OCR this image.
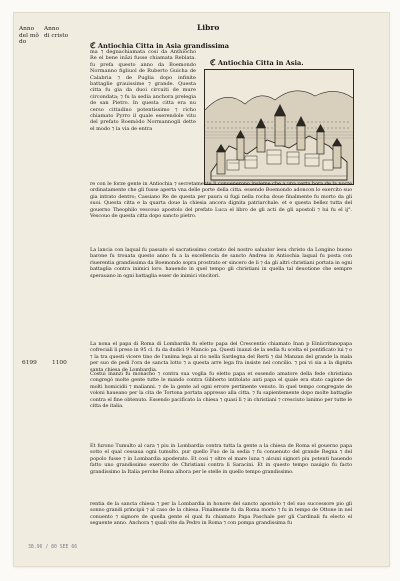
Anno
del mõ
do
Anno
di cristo
Libro
ℭ Antiochia Citta in Asia grandissima
ℭ Antiochia Citta in Asia.

ma ⁊ degnachiamata cosi da Anthiocho Re el bene inãzi fusse chiamata Reblata. fu prefa questo anno da Boemondo Normanno figliuol de Ruberto Guicha de Calabria ⁊ de Puglia dopo infinite battaglie grauissime ⁊ grande. Questa citta fu gia da duoi circuiti de mure circondata; ⁊ fu la sedia anchora prelegia de san Pietro. In questa citta era nu cerso cittadino potentissimo ⁊ richo chiamato Pyrro il quale eserendole vitu del prefato Boemòdo Normannogli dette el modo ⁊ la via de entra

re con le forze gente in Antiochia ⁊ secretamente li conuenerono insieme che a vna certa hora de la nocte ordinatamente che gli fusse aperta vna delle porte della citta. essendo Boemondo adoncon lo exercito suo gia intrato dentro; Cassiano Re de questa per paura si fugi nella rocha doue finalmente fu morto da gli suoi. Questa citta e la quarta doue la chiesia ancora dignita patriarchale. et e questa bellez tutta del gouerno Theophilo vescouo apostolo del prefato Luca el libro de gli acti de gli apostoli ⁊ lui fu el ij°. Vescouo de questa citta dopo sancto pietro.

La lancia con laqual fu passato el sacratissimo costato del nostro saluator iesu christo da Longino buono barone fu trouata questo anno fu a la excellencia de sancto Andrea in Antiochia laqual fu posta con riuerentia grandissima da Boemondo sopra prostrato er sincero de li ⁊ da gli altri christiani portata in ogni battaglia contra inimici loro. hauendo in quel tempo gli christiani in quella tal deuotione che sempre sperauano in ogni battaglia esser de inimici vincitori.

6199	1100

La nona el papa di Roma di Lombardia fu eletto papa del Crescentio chiamato Inan p Einiicritanopapa cofreciali li preso in 95 cl. fu da dudici 9 Mancio pa. Questi inanzi de la sedia fu scelta el pontificato lui ⁊ o ⁊ la tra questi vicere tino de l'anima lega al rio nella Sardegna del Rerti ⁊ dal Manzan del grande la mala per suo de pedi l'ora de sancta lotto ⁊ a questa arre lega fra insiste nel concilio. ⁊ poi vi sia a la dignita santa chiesa de Lombardia.

Costui inanzi fu monacho ⁊ contra sua voglia fu eletto papa et essendo amatore della fede christiana congregò molte gente tutte le mando contra Gibberto intitolato anti papa el quale era stato cagione de molti homicidii ⁊ malianni. ⁊ de la gente ad ogni errore pertinente venuto. In quel tempo congregate de voloni haueano per la cita de Tortona portata appresso alla citta. ⁊ fu sapientemente dopo molte battaglie contra el fine obtenuto. Essendo pacificato la chiesa ⁊ quasi li ⁊ in christiani ⁊ cresciuto lanimo per tutte le citta de italia.

Et furono Tumulto al cara ⁊ piu in Lombardia contra tutta la gente a la chiesa de Roma el gouerno papa sotto el qual cessaua ogni tumulto. pur quello Fuo de la sedia ⁊ fu conuenuto del grande Regna ⁊ del popolo fusse ⁊ in Lombardia apoderato. Et cosi ⁊ oltre el mare luna ⁊ alcuni signori piu potenti hauendo fatto uno grandissimo exercito de Christiani contra li Saracini. Et in questo tempo nauigio fu facto grandissimo la Italia perche Roma alhora per le stelle in quello tempo grandissimo.

rentia de la sancta chiesa ⁊ per la Lombardia in honore del sancto apostolo ⁊ del suo successore pio gli sonno grandi principii ⁊ al caso de la chiesa. Finalmente fu da Roma morto ⁊ fu in tempo de Ottone in nel conuento ⁊ signore de quella gente el qual fu chiamato Papa Paschale per gli Cardinali fu electo el seguente anno. Anchora ⁊ quali vite da Pedro in Roma ⁊ con pompa grandissima fu

38.96 / 80 SEE 66
